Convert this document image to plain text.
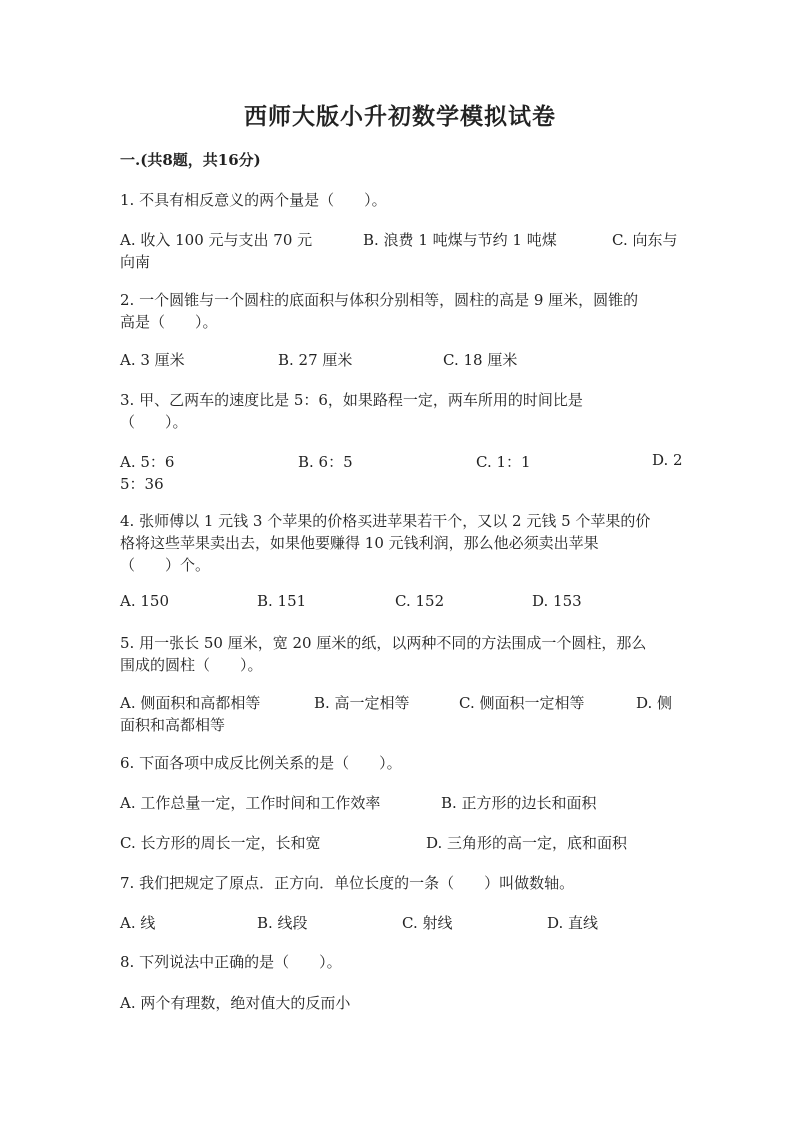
西师大版小升初数学模拟试卷
一.(共8题，共16分)
1. 不具有相反意义的两个量是（　　）。
A. 收入 100 元与支出 70 元	B. 浪费 1 吨煤与节约 1 吨煤	C. 向东与
向南
2. 一个圆锥与一个圆柱的底面积与体积分别相等，圆柱的高是 9 厘米，圆锥的
高是（　　）。
A. 3 厘米	B. 27 厘米	C. 18 厘米
3. 甲、乙两车的速度比是 5：6，如果路程一定，两车所用的时间比是
（　　）。
A. 5：6	B. 6：5	C. 1：1	D. 2
5：36
4. 张师傅以 1 元钱 3 个苹果的价格买进苹果若干个，又以 2 元钱 5 个苹果的价
格将这些苹果卖出去，如果他要赚得 10 元钱利润，那么他必须卖出苹果
（　　）个。
A. 150	B. 151	C. 152	D. 153
5. 用一张长 50 厘米，宽 20 厘米的纸，以两种不同的方法围成一个圆柱，那么
围成的圆柱（　　）。
A. 侧面积和高都相等	B. 高一定相等	C. 侧面积一定相等	D. 侧
面积和高都相等
6. 下面各项中成反比例关系的是（　　）。
A. 工作总量一定，工作时间和工作效率	B. 正方形的边长和面积
C. 长方形的周长一定，长和宽	D. 三角形的高一定，底和面积
7. 我们把规定了原点．正方向．单位长度的一条（　　）叫做数轴。
A. 线	B. 线段	C. 射线	D. 直线
8. 下列说法中正确的是（　　）。
A. 两个有理数，绝对值大的反而小
